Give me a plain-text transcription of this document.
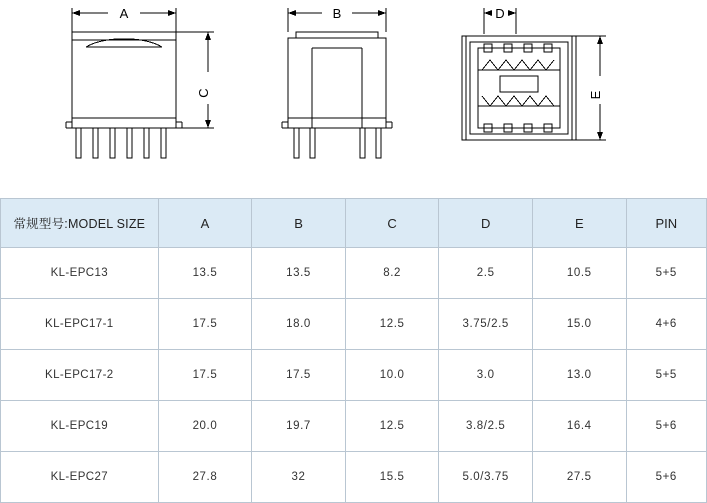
A	B	D
C	E
常规型号:MODEL SIZE	A	B	C	D	E	PIN
KL-EPC13	13.5	13.5	8.2	2.5	10.5	5+5
KL-EPC17-1	17.5	18.0	12.5	3.75/2.5	15.0	4+6
KL-EPC17-2	17.5	17.5	10.0	3.0	13.0	5+5
KL-EPC19	20.0	19.7	12.5	3.8/2.5	16.4	5+6
KL-EPC27	27.8	32	15.5	5.0/3.75	27.5	5+6
